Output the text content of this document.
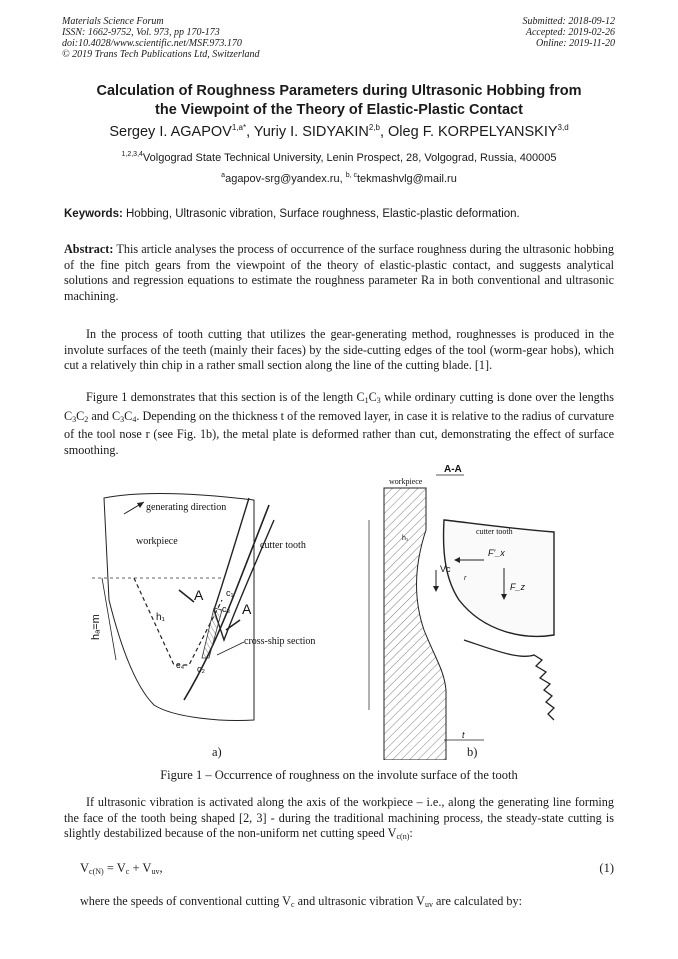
Materials Science Forum
ISSN: 1662-9752, Vol. 973, pp 170-173
doi:10.4028/www.scientific.net/MSF.973.170
© 2019 Trans Tech Publications Ltd, Switzerland
Submitted: 2018-09-12
Accepted: 2019-02-26
Online: 2019-11-20
Calculation of Roughness Parameters during Ultrasonic Hobbing from
the Viewpoint of the Theory of Elastic-Plastic Contact
Sergey I. $AGAPOV^{1,a*}$, Yuriy I. SIDYAKIN$^{2,b}$, Oleg F. KORPELYANSKIY$^{3,d}$
$^{1,2,3,4}$Volgograd State Technical University, Lenin Prospect, 28, Volgograd, Russia, 400005
$^a$agapov-srg@yandex.ru, $^{b, c}$tekmashvlg@mail.ru
Keywords: Hobbing, Ultrasonic vibration, Surface roughness, Elastic-plastic deformation.
Abstract: This article analyses the process of occurrence of the surface roughness during the ultrasonic hobbing of the fine pitch gears from the viewpoint of the theory of elastic-plastic contact, and suggests analytical solutions and regression equations to estimate the roughness parameter Ra in both conventional and ultrasonic machining.
In the process of tooth cutting that utilizes the gear-generating method, roughnesses is produced in the involute surfaces of the teeth (mainly their faces) by the side-cutting edges of the tool (worm-gear hobs), which cut a relatively thin chip in a rather small section along the line of the cutting blade. [1].
Figure 1 demonstrates that this section is of the length $C_1C_3$ while ordinary cutting is done over the lengths $C_3C_2$ and $C_3C_4$. Depending on the thickness t of the removed layer, in case it is relative to the radius of curvature of the tool nose r (see Fig. 1b), the metal plate is deformed rather than cut, demonstrating the effect of surface smoothing.
generating direction
workpiece	cutter tooth
cross-ship section
hₐ=m	h₁
A
A
c₁
c₃
c₄ c₂
A-A
workpiece
cutter tooth
Vc
F_z
F'_x
t
h₁
r
a)	b)
Figure 1 – Occurrence of roughness on the involute surface of the tooth
If ultrasonic vibration is activated along the axis of the workpiece – i.e., along the generating line forming the face of the tooth being shaped [2, 3] - during the traditional machining process, the steady-state cutting is slightly destabilized because of the non-uniform net cutting speed $V_{c(n)}$:
$V_{c(N)} = V_c + V_{uv}$,	(1)
where the speeds of conventional cutting $V_c$ and ultrasonic vibration $V_{uv}$ are calculated by:
